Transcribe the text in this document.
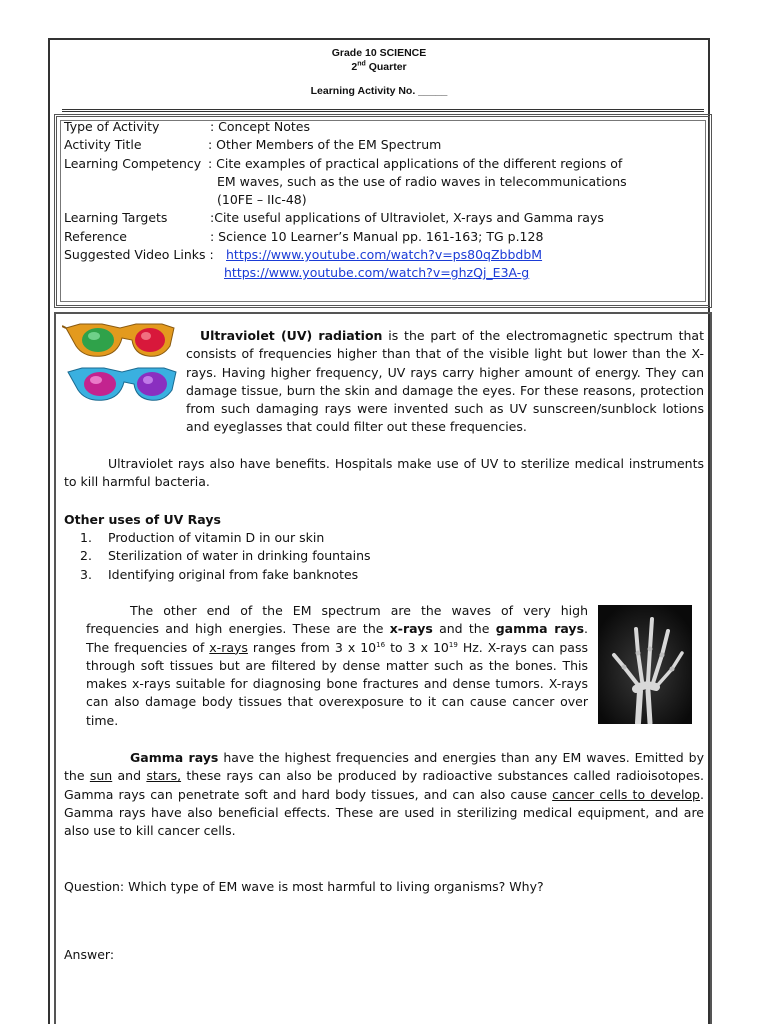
Grade 10 SCIENCE
2nd Quarter
Learning Activity No. _____
Type of Activity	: Concept Notes
Activity Title	: Other Members of the EM Spectrum
Learning Competency : Cite examples of practical applications of the different regions of
EM waves, such as the use of radio waves in telecommunications
(10FE – IIc-48)
Learning Targets	:Cite useful applications of Ultraviolet, X-rays and Gamma rays
Reference	: Science 10 Learner’s Manual pp. 161-163; TG p.128
Suggested Video Links : https://www.youtube.com/watch?v=ps80qZbbdbM
https://www.youtube.com/watch?v=ghzQj_E3A-g
Ultraviolet (UV) radiation is the part of the electromagnetic spectrum that consists of frequencies higher than that of the visible light but lower than the X-rays. Having higher frequency, UV rays carry higher amount of energy. They can damage tissue, burn the skin and damage the eyes. For these reasons, protection from such damaging rays were invented such as UV sunscreen/sunblock lotions and eyeglasses that could filter out these frequencies.
Ultraviolet rays also have benefits. Hospitals make use of UV to sterilize medical instruments to kill harmful bacteria.
Other uses of UV Rays
1. Production of vitamin D in our skin
2. Sterilization of water in drinking fountains
3. Identifying original from fake banknotes
The other end of the EM spectrum are the waves of very high frequencies and high energies. These are the x-rays and the gamma rays. The frequencies of x-rays ranges from 3 x $10^{16}$ to 3 x $10^{19}$ Hz. X-rays can pass through soft tissues but are filtered by dense matter such as the bones. This makes x-rays suitable for diagnosing bone fractures and dense tumors. X-rays can also damage body tissues that overexposure to it can cause cancer over time.
Gamma rays have the highest frequencies and energies than any EM waves. Emitted by the sun and stars, these rays can also be produced by radioactive substances called radioisotopes. Gamma rays can penetrate soft and hard body tissues, and can also cause cancer cells to develop. Gamma rays have also beneficial effects. These are used in sterilizing medical equipment, and are also use to kill cancer cells.
Question: Which type of EM wave is most harmful to living organisms? Why?
Answer:
